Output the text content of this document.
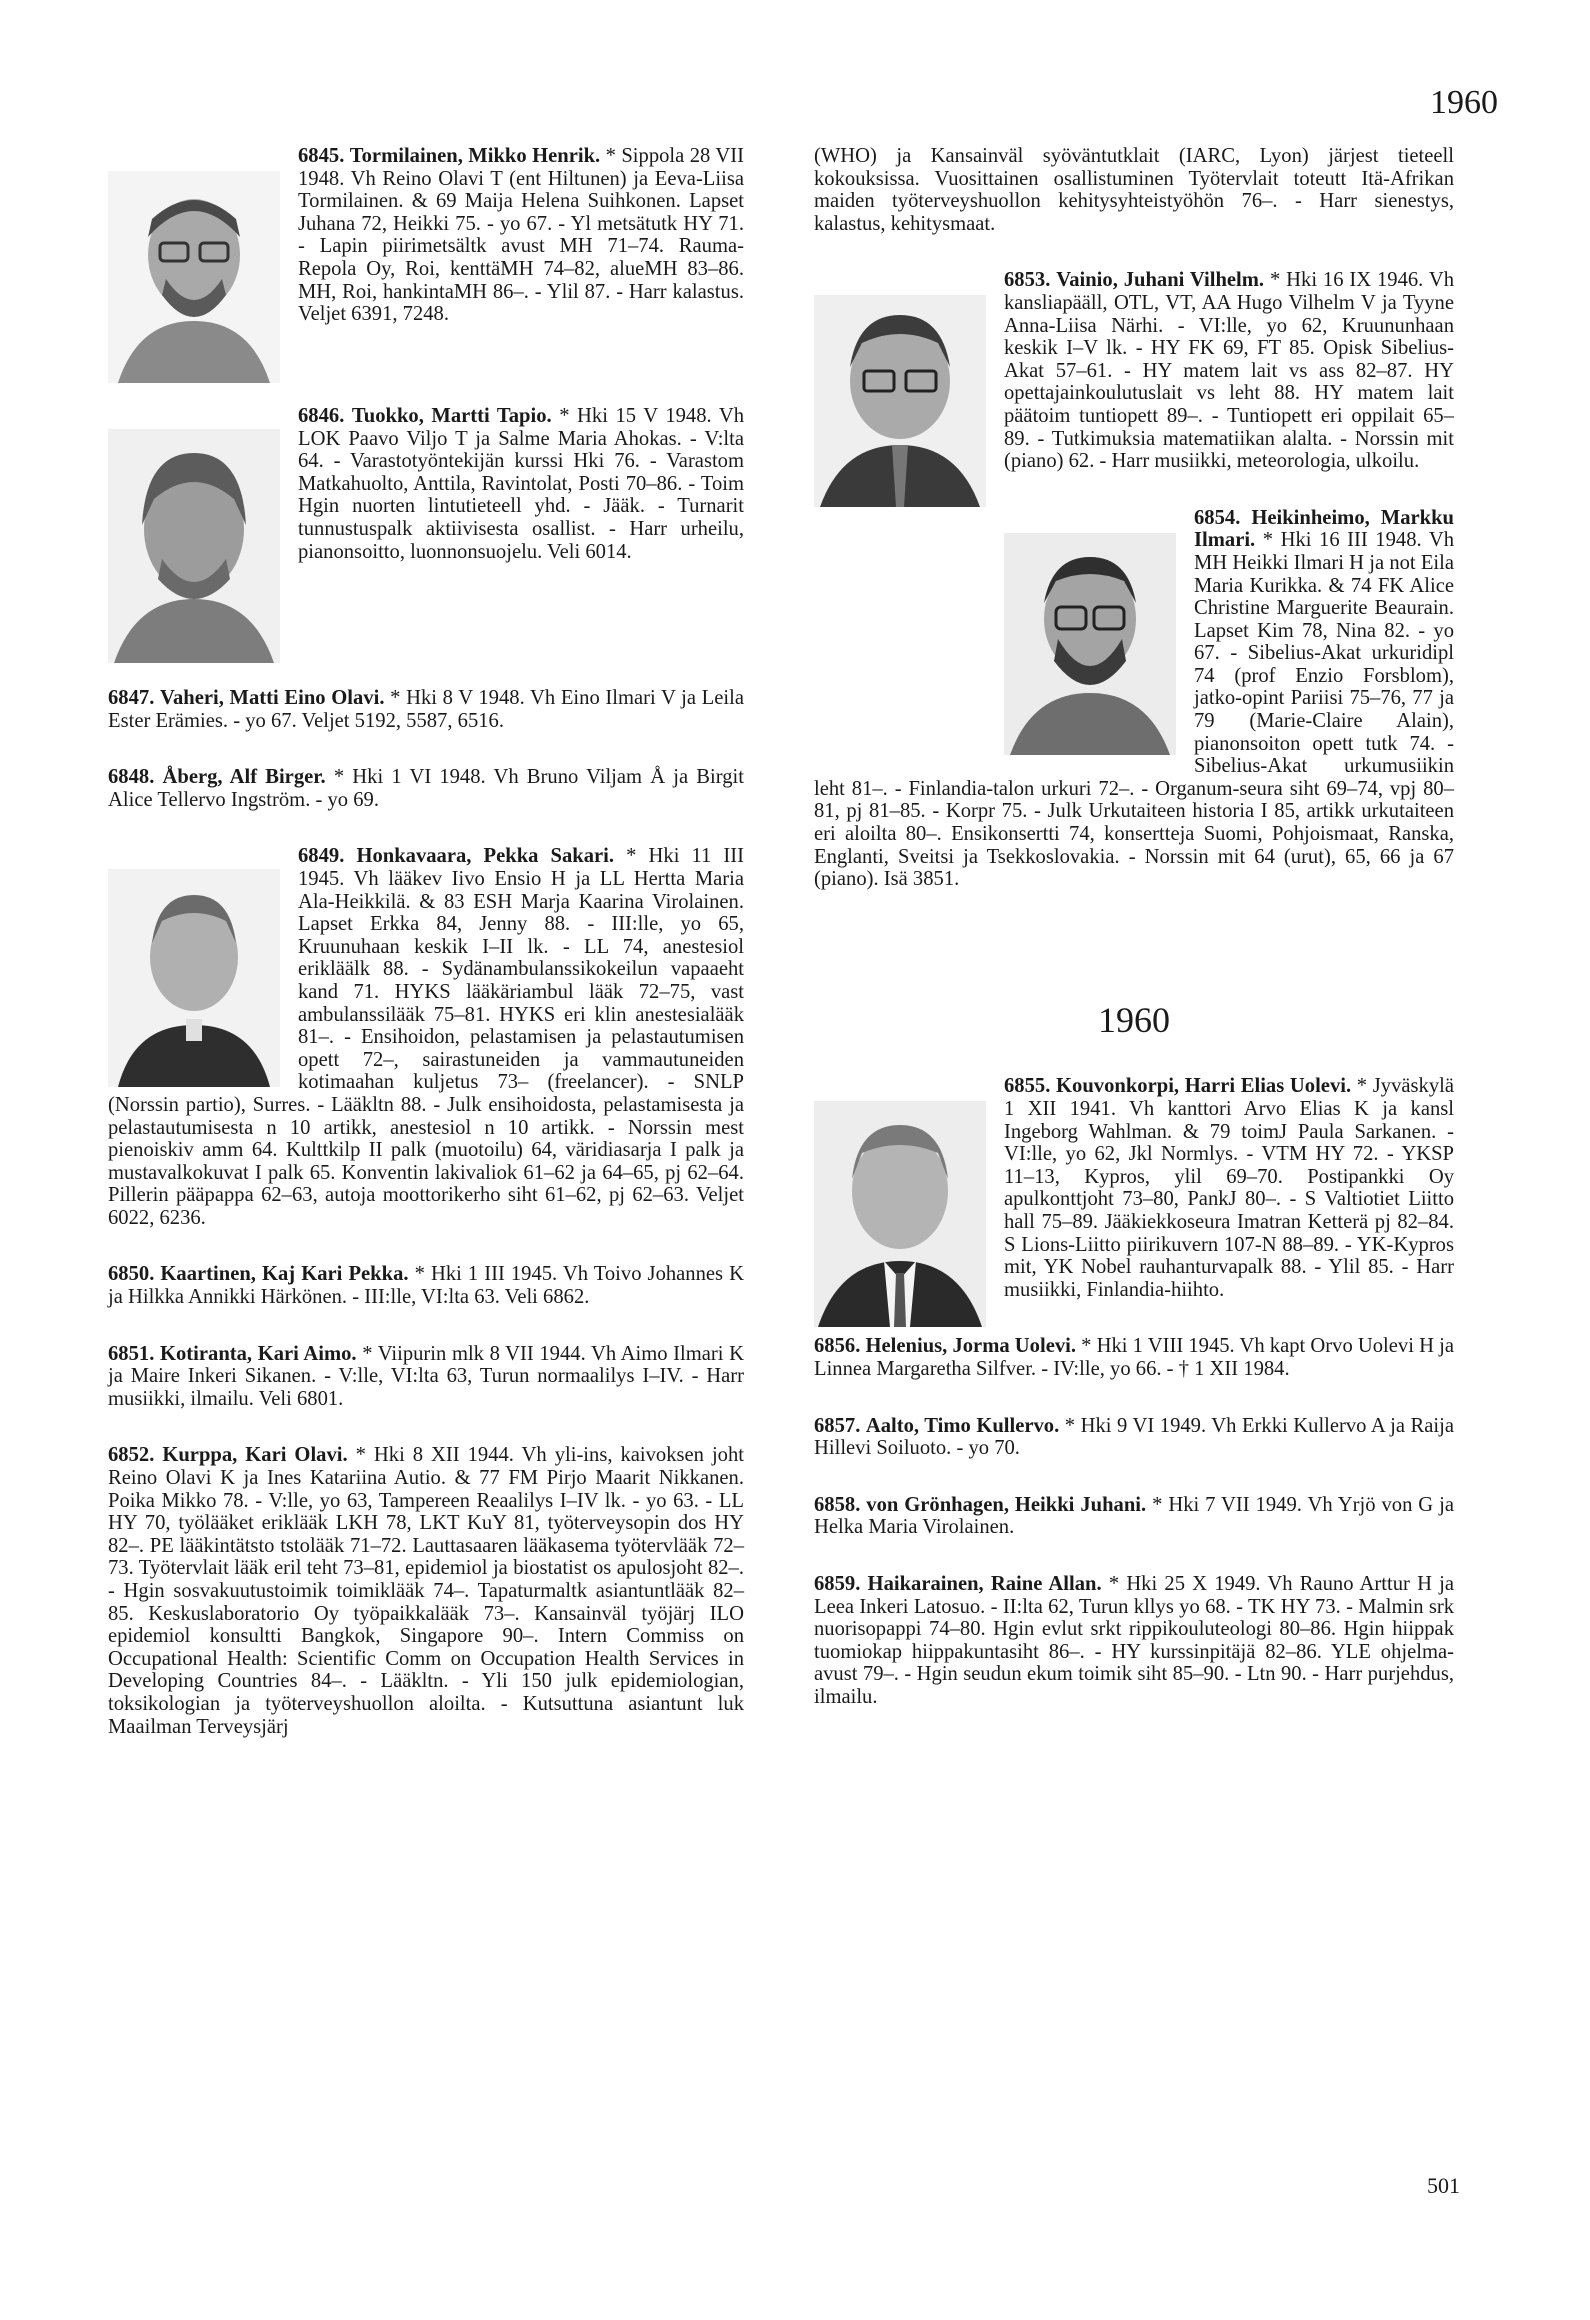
1960

6845. Tormilainen, Mikko Henrik. * Sippola 28 VII 1948. Vh Reino Olavi T (ent Hiltunen) ja Eeva-Liisa Tormilainen. & 69 Maija Helena Suihkonen. Lapset Juhana 72, Heikki 75. - yo 67. - Yl metsätutk HY 71. - Lapin piirimetsältk avust MH 71–74. Rauma-Repola Oy, Roi, kenttäMH 74–82, alueMH 83–86. MH, Roi, hankintaMH 86–. - Ylil 87. - Harr kalastus. Veljet 6391, 7248.

6846. Tuokko, Martti Tapio. * Hki 15 V 1948. Vh LOK Paavo Viljo T ja Salme Maria Ahokas. - V:lta 64. - Varastotyöntekijän kurssi Hki 76. - Varastom Matkahuolto, Anttila, Ravintolat, Posti 70–86. - Toim Hgin nuorten lintutieteell yhd. - Jääk. - Turnarit tunnustuspalk aktiivisesta osallist. - Harr urheilu, pianonsoitto, luonnonsuojelu. Veli 6014.

6847. Vaheri, Matti Eino Olavi. * Hki 8 V 1948. Vh Eino Ilmari V ja Leila Ester Erämies. - yo 67. Veljet 5192, 5587, 6516.

6848. Åberg, Alf Birger. * Hki 1 VI 1948. Vh Bruno Viljam Å ja Birgit Alice Tellervo Ingström. - yo 69.

6849. Honkavaara, Pekka Sakari. * Hki 11 III 1945. Vh lääkev Iivo Ensio H ja LL Hertta Maria Ala-Heikkilä. & 83 ESH Marja Kaarina Virolainen. Lapset Erkka 84, Jenny 88. - III:lle, yo 65, Kruunuhaan keskik I–II lk. - LL 74, anestesiol erikläälk 88. - Sydänambulanssikokeilun vapaaeht kand 71. HYKS lääkäriambul lääk 72–75, vast ambulanssilääk 75–81. HYKS eri klin anestesialääk 81–. - Ensihoidon, pelastamisen ja pelastautumisen opett 72–, sairastuneiden ja vammautuneiden kotimaahan kuljetus 73– (freelancer). - SNLP (Norssin partio), Surres. - Lääkltn 88. - Julk ensihoidosta, pelastamisesta ja pelastautumisesta n 10 artikk, anestesiol n 10 artikk. - Norssin mest pienoiskiv amm 64. Kulttkilp II palk (muotoilu) 64, väridiasarja I palk ja mustavalkokuvat I palk 65. Konventin lakivaliok 61–62 ja 64–65, pj 62–64. Pillerin pääpappa 62–63, autoja moottorikerho siht 61–62, pj 62–63. Veljet 6022, 6236.

6850. Kaartinen, Kaj Kari Pekka. * Hki 1 III 1945. Vh Toivo Johannes K ja Hilkka Annikki Härkönen. - III:lle, VI:lta 63. Veli 6862.

6851. Kotiranta, Kari Aimo. * Viipurin mlk 8 VII 1944. Vh Aimo Ilmari K ja Maire Inkeri Sikanen. - V:lle, VI:lta 63, Turun normaalilys I–IV. - Harr musiikki, ilmailu. Veli 6801.

6852. Kurppa, Kari Olavi. * Hki 8 XII 1944. Vh yli-ins, kaivoksen joht Reino Olavi K ja Ines Katariina Autio. & 77 FM Pirjo Maarit Nikkanen. Poika Mikko 78. - V:lle, yo 63, Tampereen Reaalilys I–IV lk. - yo 63. - LL HY 70, työlääket eriklääk LKH 78, LKT KuY 81, työterveysopin dos HY 82–. PE lääkintätsto tstolääk 71–72. Lauttasaaren lääkasema työtervlääk 72–73. Työtervlait lääk eril teht 73–81, epidemiol ja biostatist os apulosjoht 82–. - Hgin sosvakuutustoimik toimiklääk 74–. Tapaturmaltk asiantuntlääk 82–85. Keskuslaboratorio Oy työpaikkalääk 73–. Kansainväl työjärj ILO epidemiol konsultti Bangkok, Singapore 90–. Intern Commiss on Occupational Health: Scientific Comm on Occupation Health Services in Developing Countries 84–. - Lääkltn. - Yli 150 julk epidemiologian, toksikologian ja työterveyshuollon aloilta. - Kutsuttuna asiantunt luk Maailman Terveysjärj

(WHO) ja Kansainväl syöväntutklait (IARC, Lyon) järjest tieteell kokouksissa. Vuosittainen osallistuminen Työtervlait toteutt Itä-Afrikan maiden työterveyshuollon kehitysyhteistyöhön 76–. - Harr sienestys, kalastus, kehitysmaat.

6853. Vainio, Juhani Vilhelm. * Hki 16 IX 1946. Vh kansliapääll, OTL, VT, AA Hugo Vilhelm V ja Tyyne Anna-Liisa Närhi. - VI:lle, yo 62, Kruununhaan keskik I–V lk. - HY FK 69, FT 85. Opisk Sibelius-Akat 57–61. - HY matem lait vs ass 82–87. HY opettajainkoulutuslait vs leht 88. HY matem lait päätoim tuntiopett 89–. - Tuntiopett eri oppilait 65–89. - Tutkimuksia matematiikan alalta. - Norssin mit (piano) 62. - Harr musiikki, meteorologia, ulkoilu.

6854. Heikinheimo, Markku Ilmari. * Hki 16 III 1948. Vh MH Heikki Ilmari H ja not Eila Maria Kurikka. & 74 FK Alice Christine Marguerite Beaurain. Lapset Kim 78, Nina 82. - yo 67. - Sibelius-Akat urkuridipl 74 (prof Enzio Forsblom), jatko-opint Pariisi 75–76, 77 ja 79 (Marie-Claire Alain), pianonsoiton opett tutk 74. - Sibelius-Akat urkumusiikin leht 81–. - Finlandia-talon urkuri 72–. - Organum-seura siht 69–74, vpj 80–81, pj 81–85. - Korpr 75. - Julk Urkutaiteen historia I 85, artikk urkutaiteen eri aloilta 80–. Ensikonsertti 74, konsertteja Suomi, Pohjoismaat, Ranska, Englanti, Sveitsi ja Tsekkoslovakia. - Norssin mit 64 (urut), 65, 66 ja 67 (piano). Isä 3851.

1960

6855. Kouvonkorpi, Harri Elias Uolevi. * Jyväskylä 1 XII 1941. Vh kanttori Arvo Elias K ja kansl Ingeborg Wahlman. & 79 toimJ Paula Sarkanen. - VI:lle, yo 62, Jkl Normlys. - VTM HY 72. - YKSP 11–13, Kypros, ylil 69–70. Postipankki Oy apulkonttjoht 73–80, PankJ 80–. - S Valtiotiet Liitto hall 75–89. Jääkiekkoseura Imatran Ketterä pj 82–84. S Lions-Liitto piirikuvern 107-N 88–89. - YK-Kypros mit, YK Nobel rauhanturvapalk 88. - Ylil 85. - Harr musiikki, Finlandia-hiihto.

6856. Helenius, Jorma Uolevi. * Hki 1 VIII 1945. Vh kapt Orvo Uolevi H ja Linnea Margaretha Silfver. - IV:lle, yo 66. - † 1 XII 1984.

6857. Aalto, Timo Kullervo. * Hki 9 VI 1949. Vh Erkki Kullervo A ja Raija Hillevi Soiluoto. - yo 70.

6858. von Grönhagen, Heikki Juhani. * Hki 7 VII 1949. Vh Yrjö von G ja Helka Maria Virolainen.

6859. Haikarainen, Raine Allan. * Hki 25 X 1949. Vh Rauno Arttur H ja Leea Inkeri Latosuo. - II:lta 62, Turun kllys yo 68. - TK HY 73. - Malmin srk nuorisopappi 74–80. Hgin evlut srkt rippikouluteologi 80–86. Hgin hiippak tuomiokap hiippakuntasiht 86–. - HY kurssinpitäjä 82–86. YLE ohjelma-avust 79–. - Hgin seudun ekum toimik siht 85–90. - Ltn 90. - Harr purjehdus, ilmailu.

501
